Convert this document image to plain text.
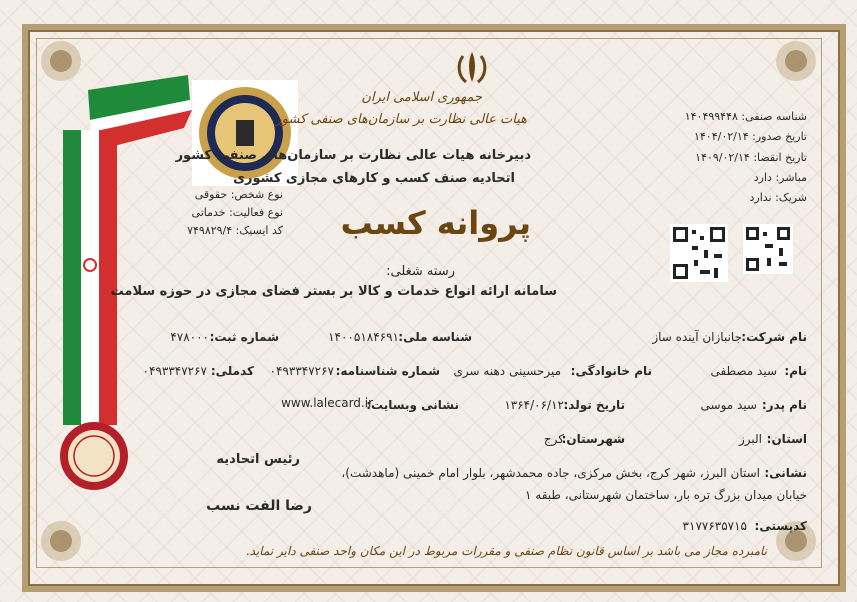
جمهوری اسلامی ایران
هیات عالی نظارت بر سازمان‌های صنفی کشور
دبیرخانه هیات عالی نظارت بر سازمان‌های صنفی کشور
اتحادیه صنف کسب و کارهای مجازی کشوری
پروانه کسب
رسته شغلی:
سامانه ارائه انواع خدمات و کالا بر بستر فضای مجازی در حوزه سلامت
شناسه صنفی: ۱۴۰۴۹۹۴۴۸
تاریخ صدور: ۱۴۰۴/۰۲/۱۴
تاریخ انقضا: ۱۴۰۹/۰۲/۱۴
مباشر: دارد
شریک: ندارد
نوع شخص: حقوقی
نوع فعالیت: خدماتی
کد ایسیک: ۷۴۹۸۲۹/۴
نام شرکت:
جانبازان آینده ساز
شناسه ملی:
۱۴۰۰۵۱۸۴۶۹۱
شماره ثبت:
۴۷۸۰۰۰
نام:
سید مصطفی
نام خانوادگی:
میرحسینی دهنه سری
شماره شناسنامه:
۰۴۹۳۳۴۷۲۶۷
کدملی:
۰۴۹۳۳۴۷۲۶۷
نام پدر:
سید موسی
تاریخ تولد:
۱۳۶۴/۰۶/۱۲
نشانی وبسایت:
www.lalecard.ir
استان:
البرز
شهرستان:
کرج
نشانی:
استان البرز، شهر کرج، بخش مرکزی، جاده محمدشهر، بلوار امام خمینی (ماهدشت)،
خیابان میدان بزرگ تره بار، ساختمان شهرستانی، طبقه ۱
کدپستی:
۳۱۷۷۶۳۵۷۱۵
رئیس اتحادیه
رضا الفت نسب
نامبرده مجاز می باشد بر اساس قانون نظام صنفی و مقررات مربوط در این مکان واحد صنفی دایر نماید.
